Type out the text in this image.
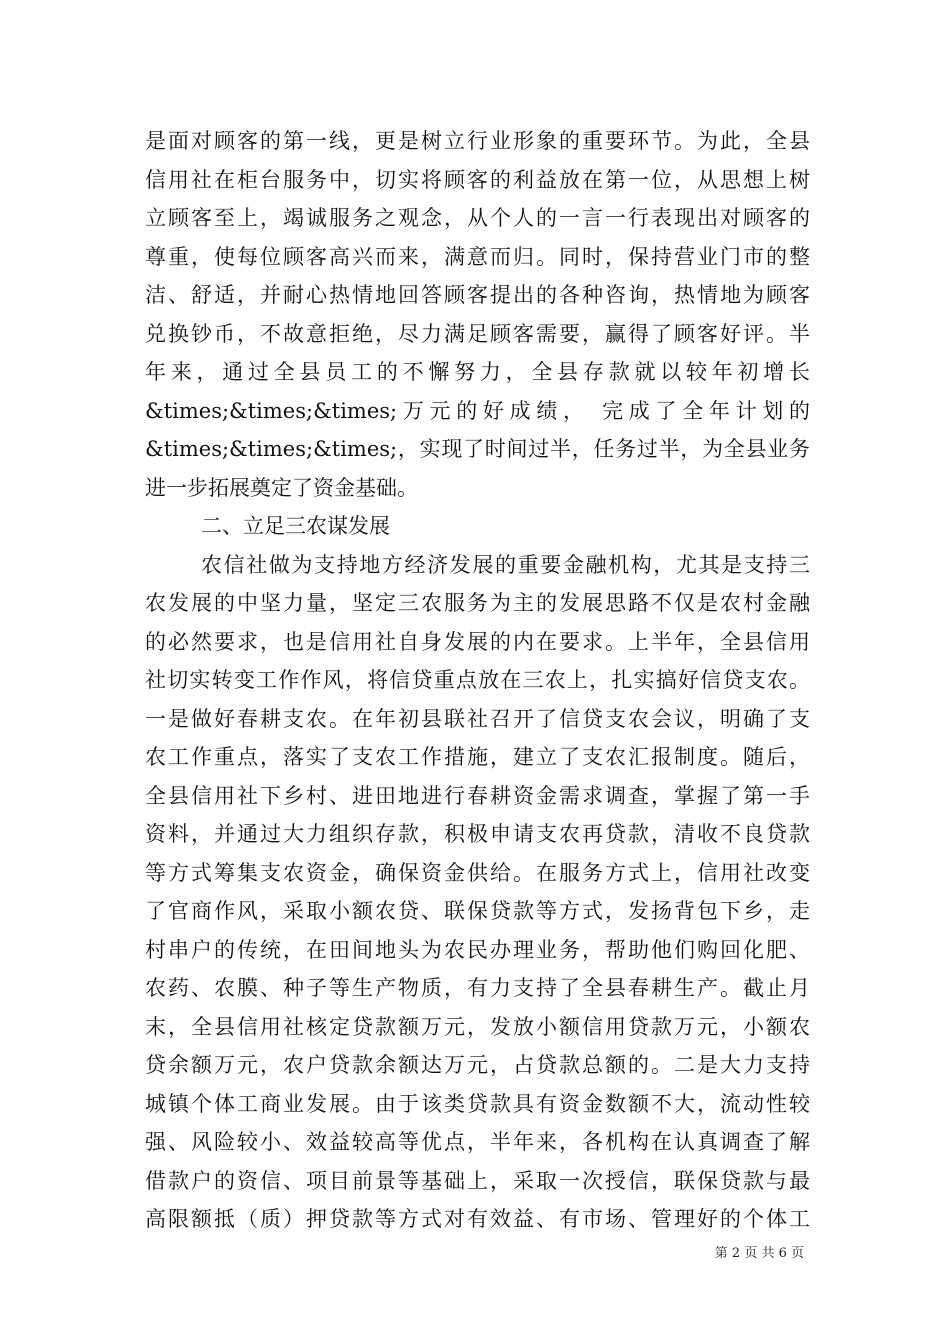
是面对顾客的第一线，更是树立行业形象的重要环节。为此，全县
信用社在柜台服务中，切实将顾客的利益放在第一位，从思想上树
立顾客至上，竭诚服务之观念，从个人的一言一行表现出对顾客的
尊重，使每位顾客高兴而来，满意而归。同时，保持营业门市的整
洁、舒适，并耐心热情地回答顾客提出的各种咨询，热情地为顾客
兑换钞币，不故意拒绝，尽力满足顾客需要，赢得了顾客好评。半
年来，通过全县员工的不懈努力，全县存款就以较年初增长
&times;&times;&times;万元的好成绩， 完成了全年计划的
&times;&times;&times;，实现了时间过半，任务过半，为全县业务
进一步拓展奠定了资金基础。
二、立足三农谋发展
农信社做为支持地方经济发展的重要金融机构，尤其是支持三
农发展的中坚力量，坚定三农服务为主的发展思路不仅是农村金融
的必然要求，也是信用社自身发展的内在要求。上半年，全县信用
社切实转变工作作风，将信贷重点放在三农上，扎实搞好信贷支农。
一是做好春耕支农。在年初县联社召开了信贷支农会议，明确了支
农工作重点，落实了支农工作措施，建立了支农汇报制度。随后，
全县信用社下乡村、进田地进行春耕资金需求调查，掌握了第一手
资料，并通过大力组织存款，积极申请支农再贷款，清收不良贷款
等方式筹集支农资金，确保资金供给。在服务方式上，信用社改变
了官商作风，采取小额农贷、联保贷款等方式，发扬背包下乡，走
村串户的传统，在田间地头为农民办理业务，帮助他们购回化肥、
农药、农膜、种子等生产物质，有力支持了全县春耕生产。截止月
末，全县信用社核定贷款额万元，发放小额信用贷款万元，小额农
贷余额万元，农户贷款余额达万元，占贷款总额的。二是大力支持
城镇个体工商业发展。由于该类贷款具有资金数额不大，流动性较
强、风险较小、效益较高等优点，半年来，各机构在认真调查了解
借款户的资信、项目前景等基础上，采取一次授信，联保贷款与最
高限额抵（质）押贷款等方式对有效益、有市场、管理好的个体工
第 2 页 共 6 页
